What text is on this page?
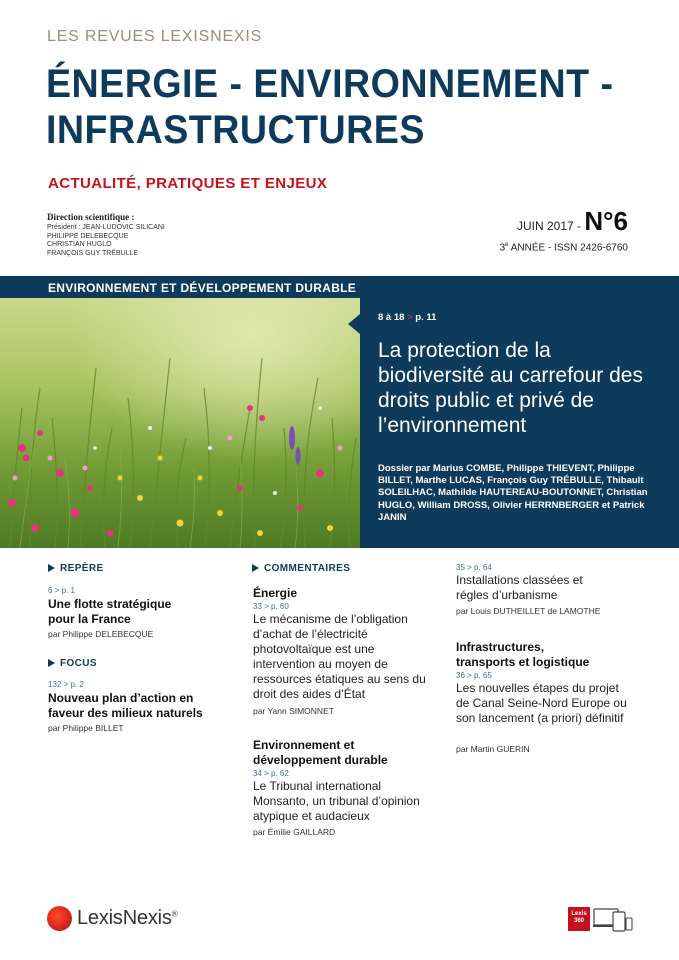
LES REVUES LEXISNEXIS
ÉNERGIE - ENVIRONNEMENT -
INFRASTRUCTURES
ACTUALITÉ, PRATIQUES ET ENJEUX
Direction scientifique :
Président : JEAN-LUDOVIC SILICANI
PHILIPPE DELEBECQUE
CHRISTIAN HUGLO
FRANÇOIS GUY TRÉBULLE
JUIN 2017 - N°6
3e ANNÉE - ISSN 2426-6760
ENVIRONNEMENT ET DÉVELOPPEMENT DURABLE
8 à 18 > p. 11
La protection de la biodiversité au carrefour des droits public et privé de l’environnement
Dossier par Marius COMBE, Philippe THIEVENT, Philippe BILLET, Marthe LUCAS, François Guy TRÉBULLE, Thibault SOLEILHAC, Mathilde HAUTEREAU-BOUTONNET, Christian HUGLO, William DROSS, Olivier HERRNBERGER et Patrick JANIN
REPÈRE
6 > p. 1
Une flotte stratégique pour la France
par Philippe DELEBECQUE
FOCUS
132 > p. 2
Nouveau plan d’action en faveur des milieux naturels
par Philippe BILLET
COMMENTAIRES
Énergie
33 > p. 60
Le mécanisme de l’obligation d’achat de l’électricité photovoltaïque est une intervention au moyen de ressources étatiques au sens du droit des aides d’État
par Yann SIMONNET
Environnement et développement durable
34 > p. 62
Le Tribunal international Monsanto, un tribunal d’opinion atypique et audacieux
par Émilie GAILLARD
35 > p. 64
Installations classées et régles d’urbanisme
par Louis DUTHEILLET de LAMOTHE
Infrastructures, transports et logistique
36 > p. 65
Les nouvelles étapes du projet de Canal Seine-Nord Europe ou son lancement (a priori) définitif
par Martin GUERIN
LexisNexis®	Lexis 360
